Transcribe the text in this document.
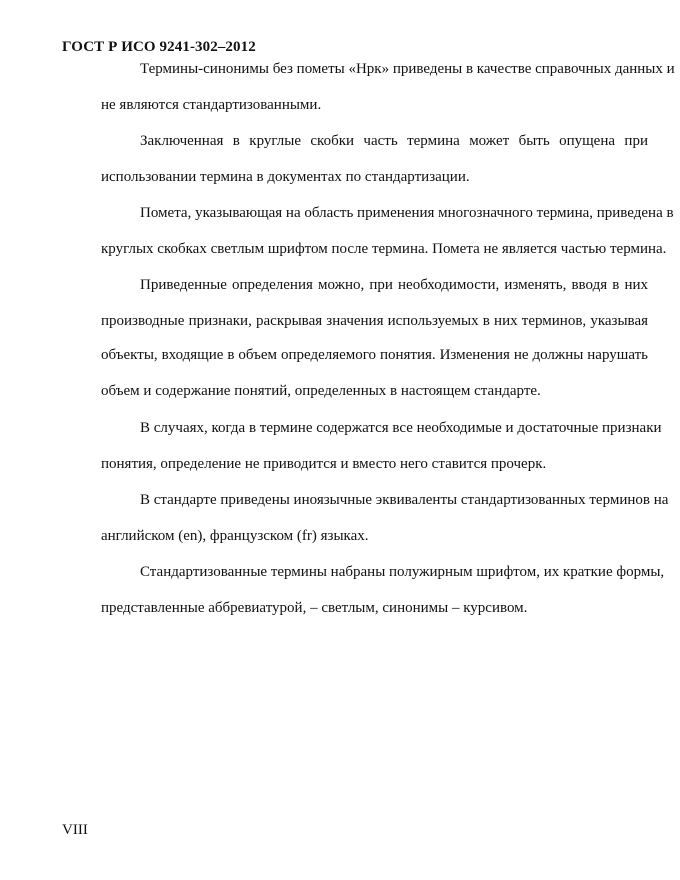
ГОСТ Р ИСО 9241-302–2012
Термины-синонимы без пометы «Нрк» приведены в качестве справочных данных и
не являются стандартизованными.
Заключенная в круглые скобки часть термина может быть опущена при
использовании термина в документах по стандартизации.
Помета, указывающая на область применения многозначного термина, приведена в
круглых скобках светлым шрифтом после термина. Помета не является частью термина.
Приведенные определения можно, при необходимости, изменять, вводя в них
производные признаки, раскрывая значения используемых в них терминов, указывая
объекты, входящие в объем определяемого понятия. Изменения не должны нарушать
объем и содержание понятий, определенных в настоящем стандарте.
В случаях, когда в термине содержатся все необходимые и достаточные признаки
понятия, определение не приводится и вместо него ставится прочерк.
В стандарте приведены иноязычные эквиваленты стандартизованных терминов на
английском (en), французском (fr) языках.
Стандартизованные термины набраны полужирным шрифтом, их краткие формы,
представленные аббревиатурой, – светлым, синонимы – курсивом.
VIII
